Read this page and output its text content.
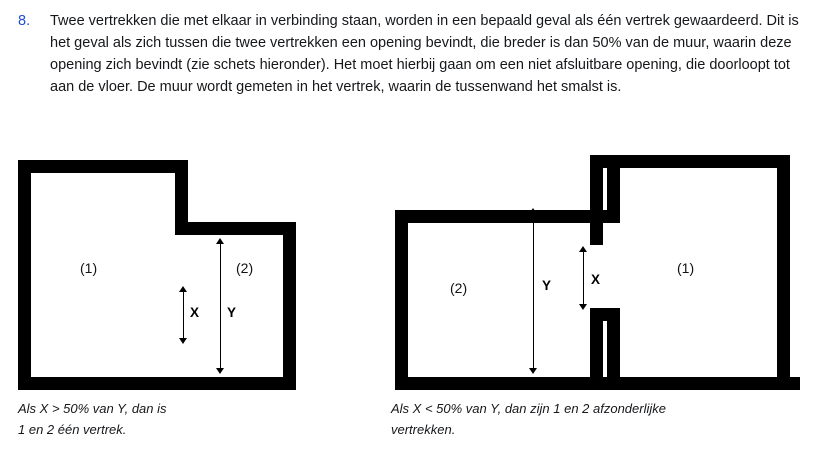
8.	Twee vertrekken die met elkaar in verbinding staan, worden in een bepaald geval als één vertrek gewaardeerd. Dit is het geval als zich tussen die twee vertrekken een opening bevindt, die breder is dan 50% van de muur, waarin deze opening zich bevindt (zie schets hieronder). Het moet hierbij gaan om een niet afsluitbare opening, die doorloopt tot aan de vloer. De muur wordt gemeten in het vertrek, waarin de tussenwand het smalst is.
(1)	(2)
X Y
(2)
(1)
Y	X
Als X > 50% van Y, dan is
1 en 2 één vertrek.
Als X < 50% van Y, dan zijn 1 en 2 afzonderlijke
vertrekken.
